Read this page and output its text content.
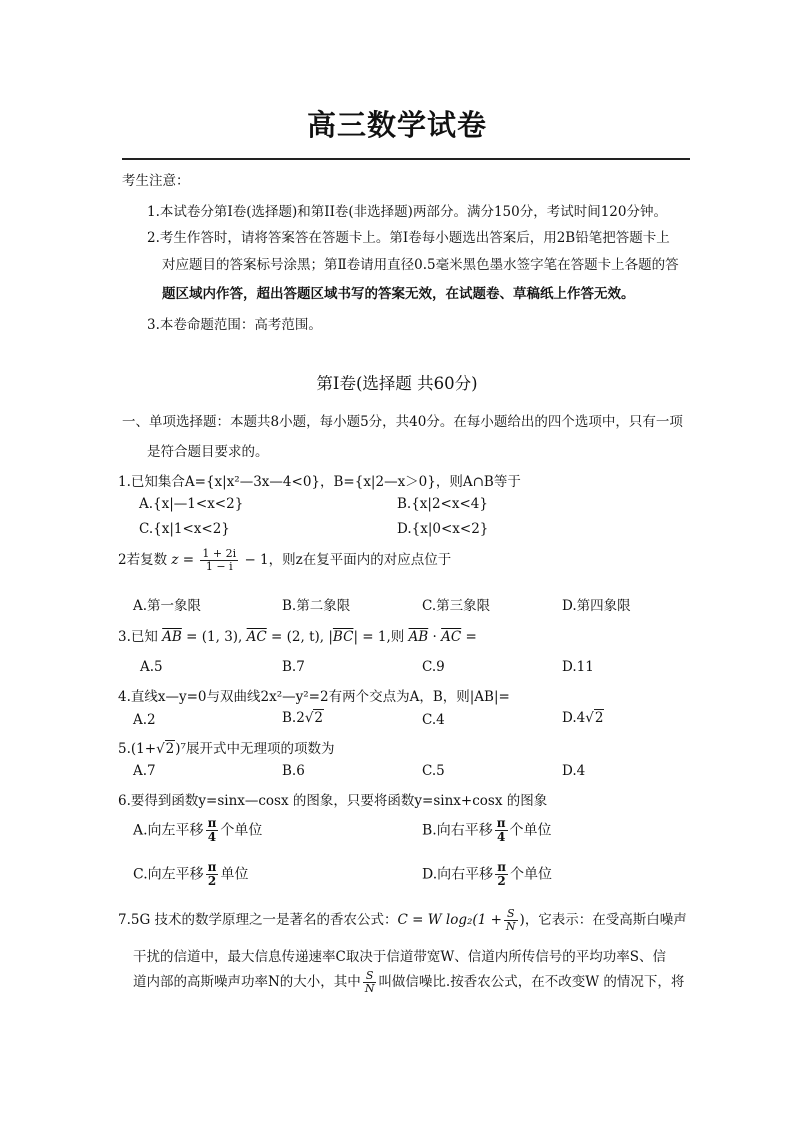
高三数学试卷
考生注意：
1.本试卷分第Ⅰ卷(选择题)和第II卷(非选择题)两部分。满分150分，考试时间120分钟。
2.考生作答时，请将答案答在答题卡上。第Ⅰ卷每小题选出答案后，用2B铅笔把答题卡上
对应题目的答案标号涂黑；第Ⅱ卷请用直径0.5毫米黑色墨水签字笔在答题卡上各题的答
题区域内作答，超出答题区域书写的答案无效，在试题卷、草稿纸上作答无效。
3.本卷命题范围：高考范围。
第Ⅰ卷(选择题 共60分)
一、单项选择题：本题共8小题，每小题5分，共40分。在每小题给出的四个选项中，只有一项
是符合题目要求的。
1.已知集合A={x|x²—3x—4<0}，B={x|2—x＞0}，则A∩B等于
A.{x|—1<x<2}	B.{x|2<x<4}
C.{x|1<x<2}	D.{x|0<x<2}
2若复数 $z = \frac{1 + 2i}{1 - i} - 1$，则z在复平面内的对应点位于
A.第一象限	B.第二象限	C.第三象限	D.第四象限
3.已知 $\overline{AB} = (1$, 3), $\overline{AC} = (2$, t), $|\overline{BC}| = 1$,则 $\overline{AB} \cdot \overline{AC}$ =
A.5	B.7	C.9	D.11
4.直线x—y=0与双曲线2x²—y²=2有两个交点为A，B，则|AB|=
A.2	B.2√2	C.4	D.4√2
5.(1+√2)⁷展开式中无理项的项数为
A.7	B.6	C.5	D.4
6.要得到函数y=sinx—cosx 的图象，只要将函数y=sinx+cosx 的图象
A.向左平移 $\frac{\pi}{4}$ 个单位	B.向右平移 $\frac{\pi}{4}$ 个单位
C.向左平移 $\frac{\pi}{2}$ 单位	D.向右平移 $\frac{\pi}{2}$ 个单位
7.5G 技术的数学原理之一是著名的香农公式：C = W $\log_2(1 + \frac{S}{N}$ )，它表示：在受高斯白噪声
干扰的信道中，最大信息传递速率C取决于信道带宽W、信道内所传信号的平均功率S、信
道内部的高斯噪声功率N的大小，其中 $\frac{S}{N}$ 叫做信噪比.按香农公式，在不改变W 的情况下，将
